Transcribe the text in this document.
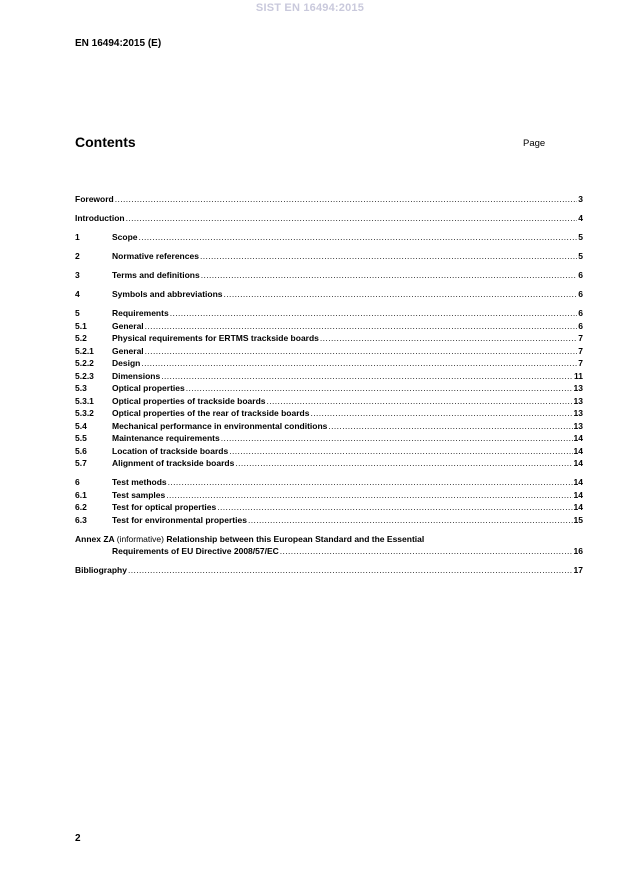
SIST EN 16494:2015
EN 16494:2015 (E)
Contents	Page
Foreword .....	3
Introduction .....	4
1	Scope .....	5
2	Normative references .....	5
3	Terms and definitions .....	6
4	Symbols and abbreviations .....	6
5	Requirements .....	6
5.1	General .....	6
5.2	Physical requirements for ERTMS trackside boards .....	7
5.2.1	General .....	7
5.2.2	Design .....	7
5.2.3	Dimensions .....	11
5.3	Optical properties .....	13
5.3.1	Optical properties of trackside boards .....	13
5.3.2	Optical properties of the rear of trackside boards .....	13
5.4	Mechanical performance in environmental conditions .....	13
5.5	Maintenance requirements .....	14
5.6	Location of trackside boards .....	14
5.7	Alignment of trackside boards .....	14
6	Test methods .....	14
6.1	Test samples .....	14
6.2	Test for optical properties .....	14
6.3	Test for environmental properties .....	15
Annex ZA (informative) Relationship between this European Standard and the Essential
Requirements of EU Directive 2008/57/EC .....	16
Bibliography .....	17
2
